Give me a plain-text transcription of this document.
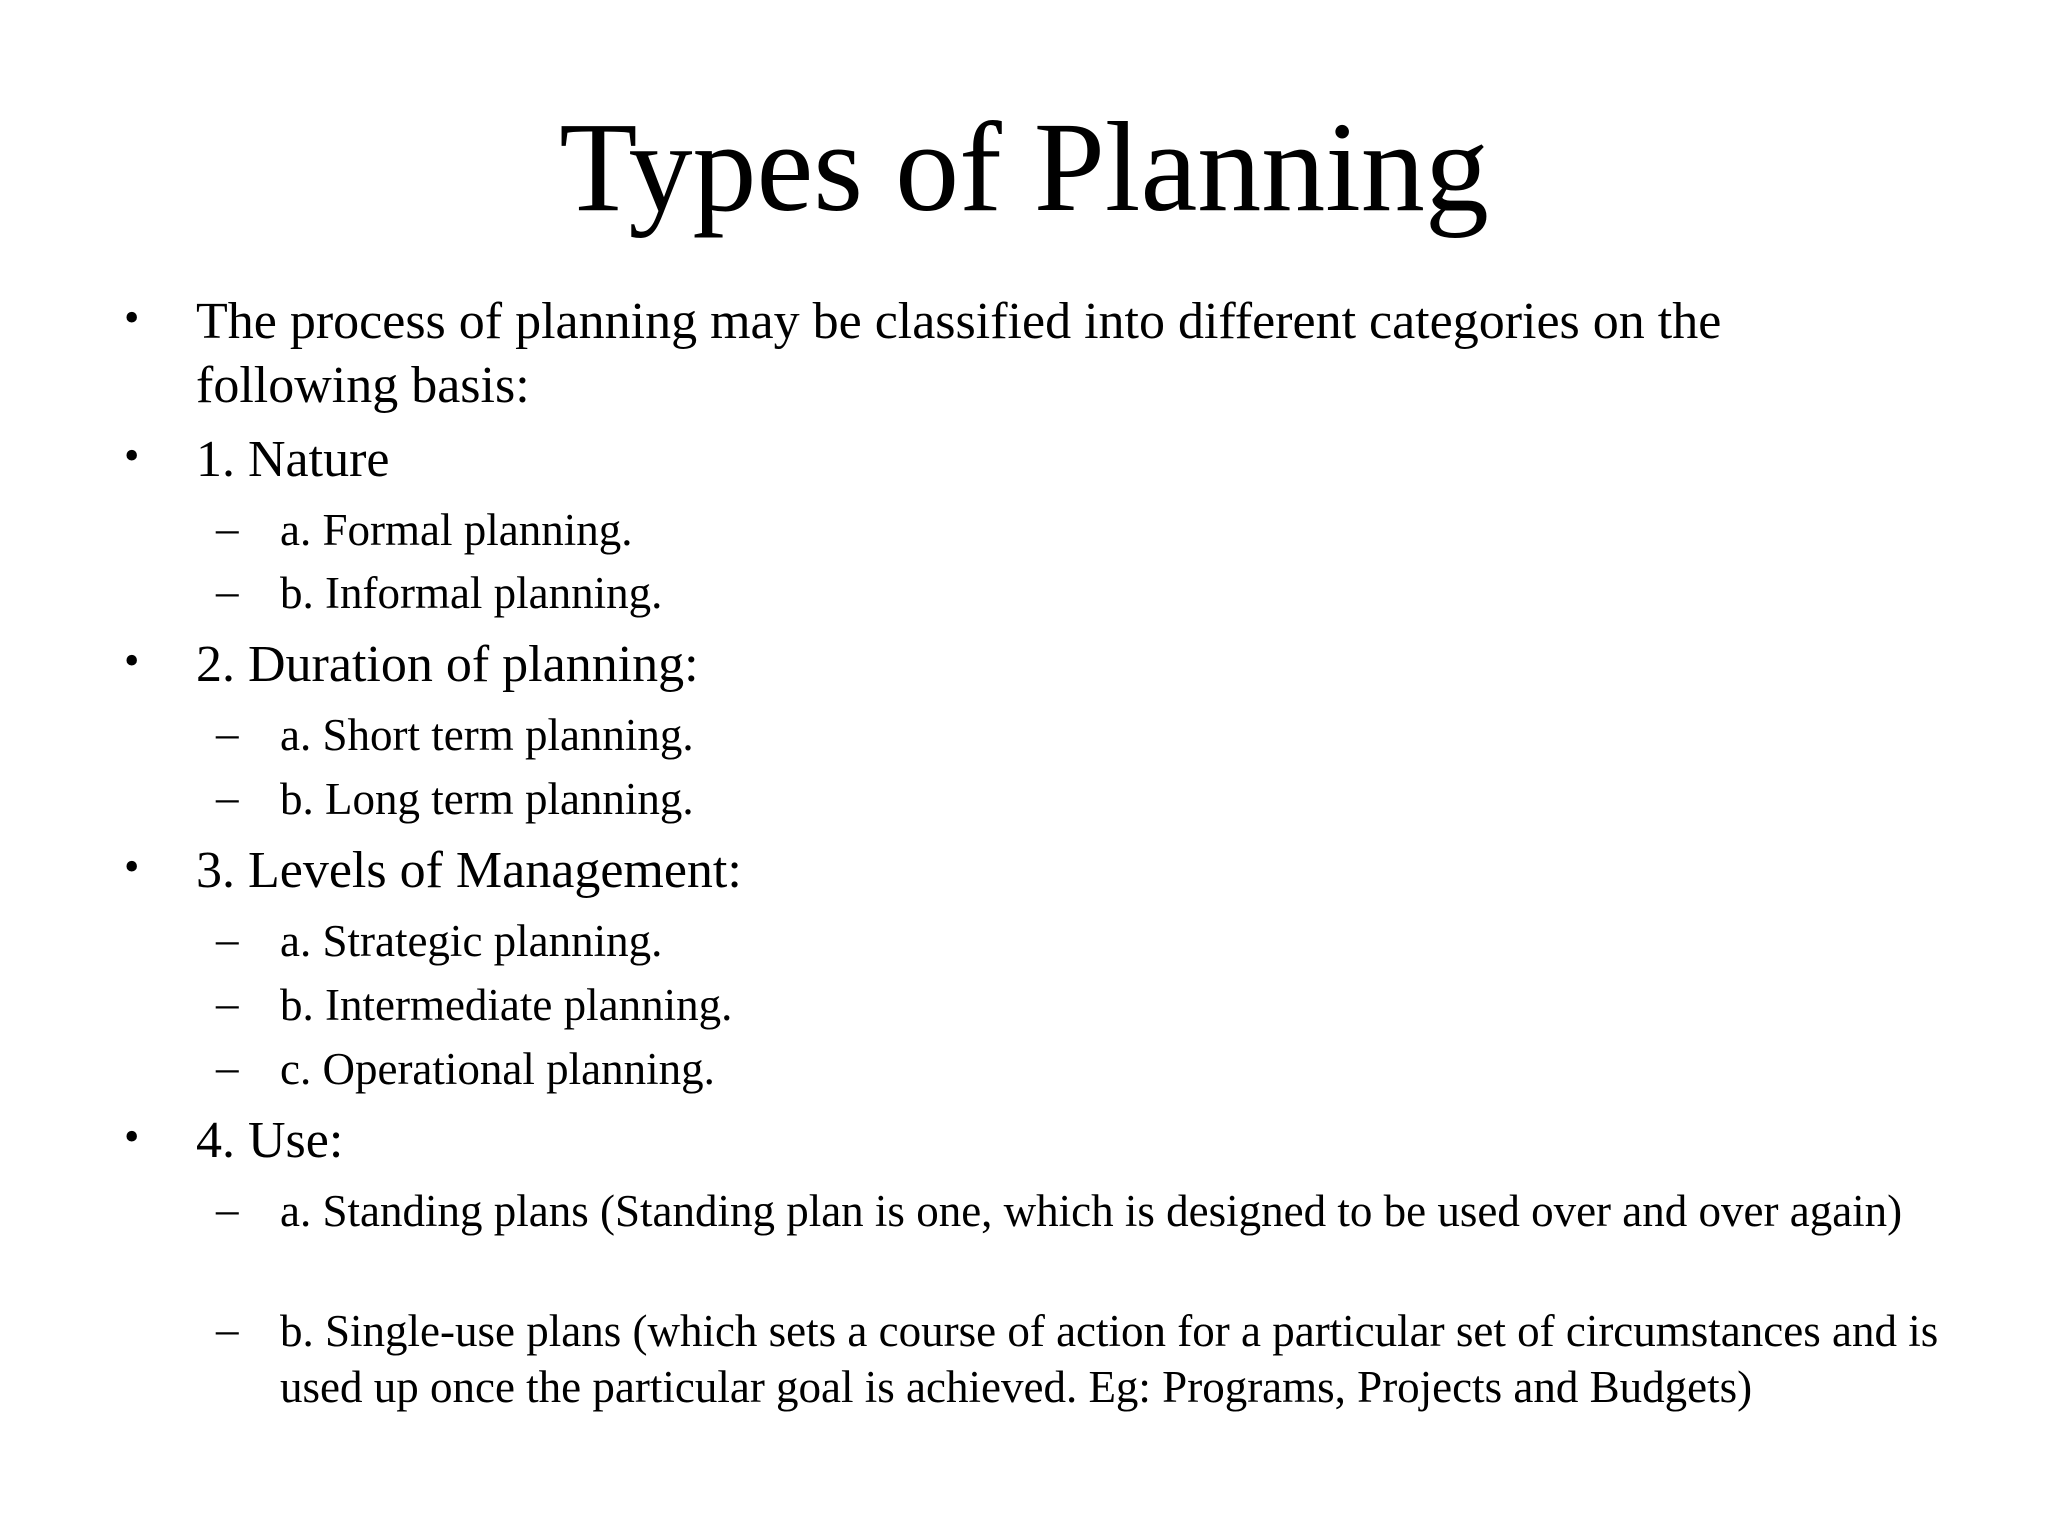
Types of Planning
• The process of planning may be classified into different categories on the following basis:
• 1. Nature
– a. Formal planning.
– b. Informal planning.
• 2. Duration of planning:
– a. Short term planning.
– b. Long term planning.
• 3. Levels of Management:
– a. Strategic planning.
– b. Intermediate planning.
– c. Operational planning.
• 4. Use:
– a. Standing plans (Standing plan is one, which is designed to be used over and over again)
– b. Single-use plans (which sets a course of action for a particular set of circumstances and is used up once the particular goal is achieved. Eg: Programs, Projects and Budgets)
